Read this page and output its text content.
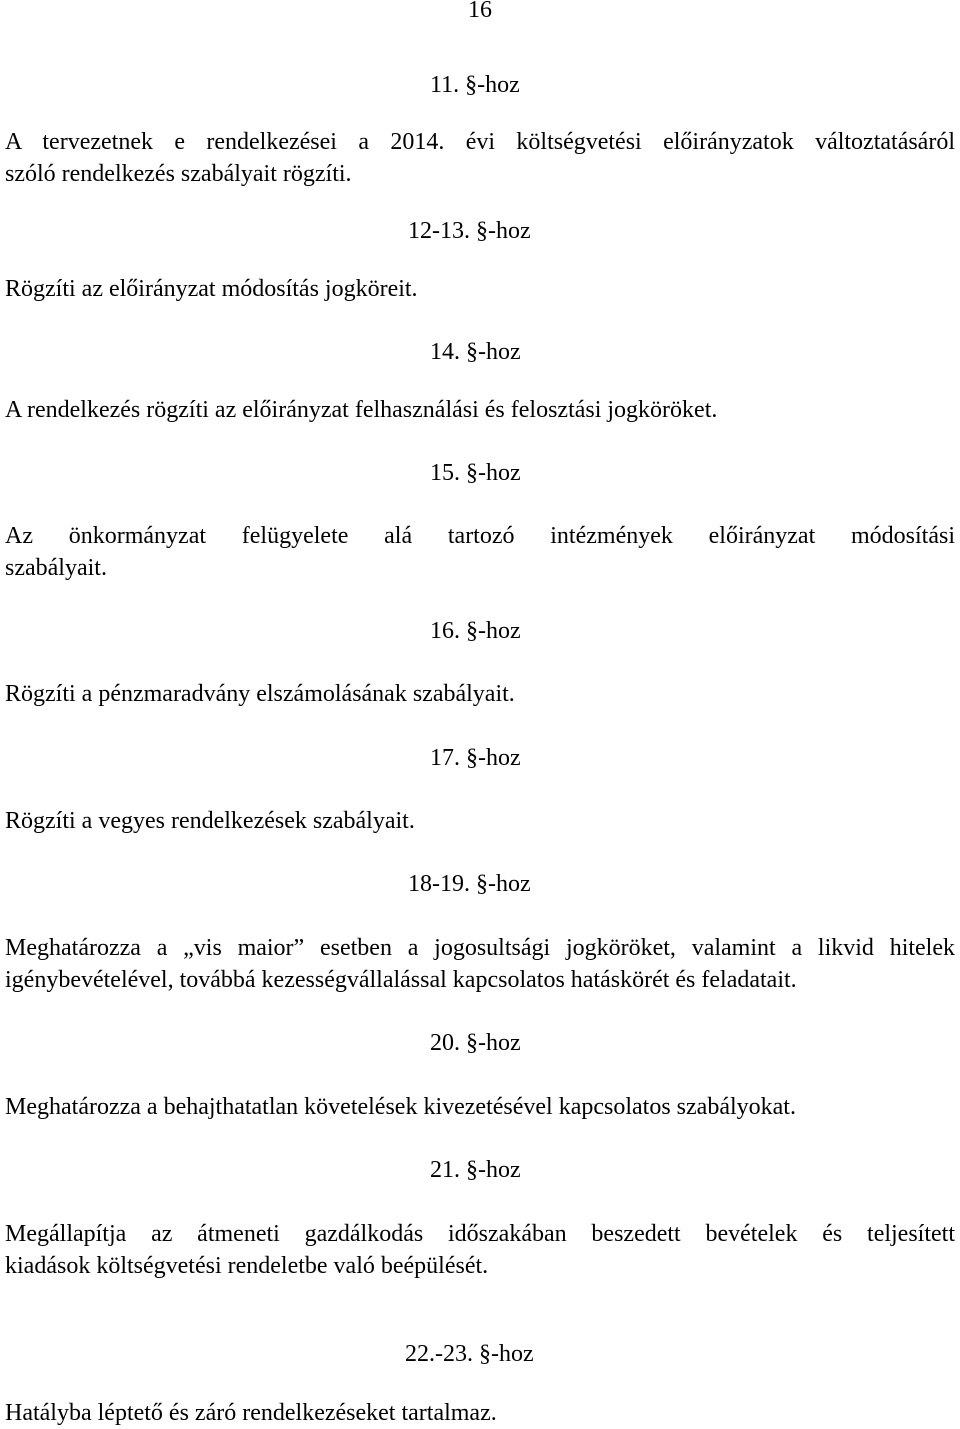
16
11. §-hoz
A tervezetnek e rendelkezései a 2014. évi költségvetési előirányzatok változtatásáról
szóló rendelkezés szabályait rögzíti.
12-13. §-hoz
Rögzíti az előirányzat módosítás jogköreit.
14. §-hoz
A rendelkezés rögzíti az előirányzat felhasználási és felosztási jogköröket.
15. §-hoz
Az önkormányzat felügyelete alá tartozó intézmények előirányzat módosítási
szabályait.
16. §-hoz
Rögzíti a pénzmaradvány elszámolásának szabályait.
17. §-hoz
Rögzíti a vegyes rendelkezések szabályait.
18-19. §-hoz
Meghatározza a „vis maior” esetben a jogosultsági jogköröket, valamint a likvid hitelek
igénybevételével, továbbá kezességvállalással kapcsolatos hatáskörét és feladatait.
20. §-hoz
Meghatározza a behajthatatlan követelések kivezetésével kapcsolatos szabályokat.
21. §-hoz
Megállapítja az átmeneti gazdálkodás időszakában beszedett bevételek és teljesített
kiadások költségvetési rendeletbe való beépülését.
22.-23. §-hoz
Hatályba léptető és záró rendelkezéseket tartalmaz.
